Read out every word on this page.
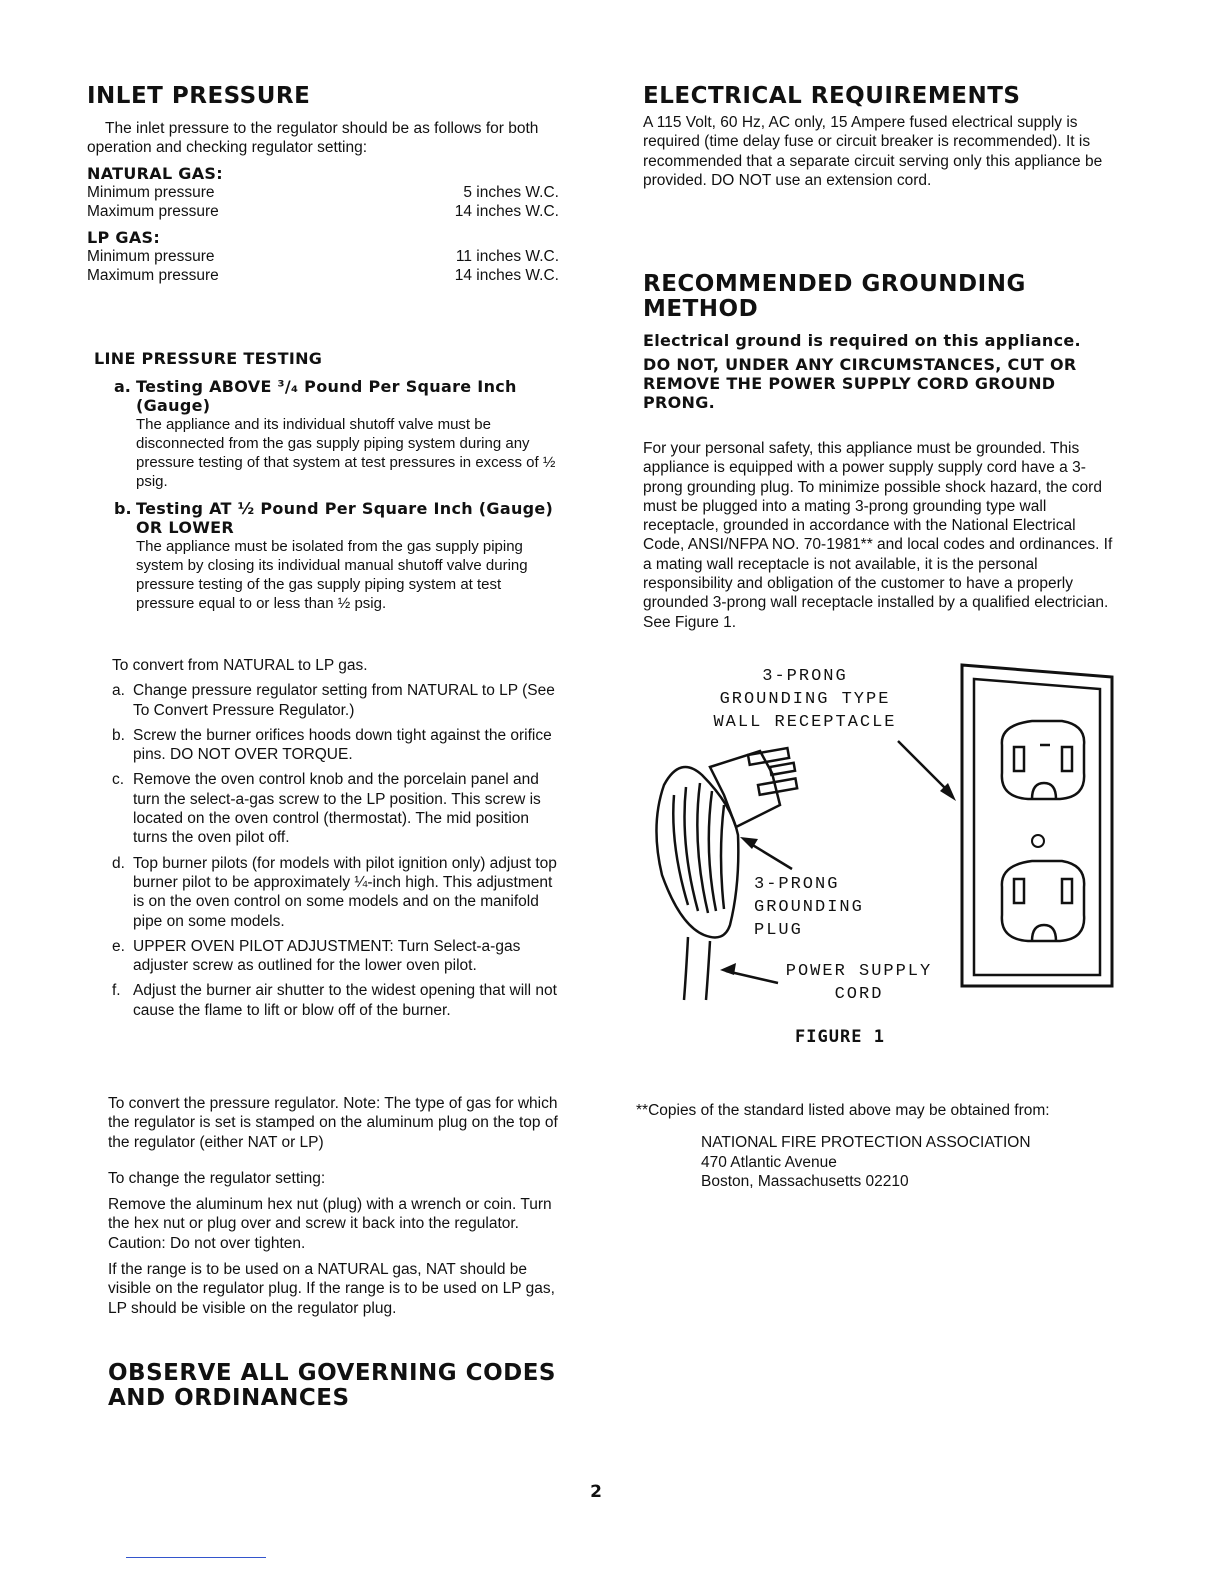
INLET PRESSURE

The inlet pressure to the regulator should be as follows for both operation and checking regulator setting:

NATURAL GAS:
Minimum pressure	5 inches W.C.
Maximum pressure	14 inches W.C.
LP GAS:
Minimum pressure	11 inches W.C.
Maximum pressure	14 inches W.C.
LINE PRESSURE TESTING
a. Testing ABOVE ³/₄ Pound Per Square Inch (Gauge)
The appliance and its individual shutoff valve must be disconnected from the gas supply piping system during any pressure testing of that system at test pressures in excess of ½ psig.
b. Testing AT ½ Pound Per Square Inch (Gauge) OR LOWER
The appliance must be isolated from the gas supply piping system by closing its individual manual shutoff valve during pressure testing of the gas supply piping system at test pressure equal to or less than ½ psig.

To convert from NATURAL to LP gas.

a. Change pressure regulator setting from NATURAL to LP (See To Convert Pressure Regulator.)
b. Screw the burner orifices hoods down tight against the orifice pins. DO NOT OVER TORQUE.
c. Remove the oven control knob and the porcelain panel and turn the select-a-gas screw to the LP position. This screw is located on the oven control (thermostat). The mid position turns the oven pilot off.
d. Top burner pilots (for models with pilot ignition only) adjust top burner pilot to be approximately ¼-inch high. This adjustment is on the oven control on some models and on the manifold pipe on some models.
e. UPPER OVEN PILOT ADJUSTMENT: Turn Select-a-gas adjuster screw as outlined for the lower oven pilot.
f. Adjust the burner air shutter to the widest opening that will not cause the flame to lift or blow off of the burner.

To convert the pressure regulator. Note: The type of gas for which the regulator is set is stamped on the aluminum plug on the top of the regulator (either NAT or LP)

To change the regulator setting:

Remove the aluminum hex nut (plug) with a wrench or coin. Turn the hex nut or plug over and screw it back into the regulator. Caution: Do not over tighten.

If the range is to be used on a NATURAL gas, NAT should be visible on the regulator plug. If the range is to be used on LP gas, LP should be visible on the regulator plug.

OBSERVE ALL GOVERNING CODES
AND ORDINANCES
ELECTRICAL REQUIREMENTS

A 115 Volt, 60 Hz, AC only, 15 Ampere fused electrical supply is required (time delay fuse or circuit breaker is recommended). It is recommended that a separate circuit serving only this appliance be provided. DO NOT use an extension cord.

RECOMMENDED GROUNDING
METHOD
Electrical ground is required on this appliance.
DO NOT, UNDER ANY CIRCUMSTANCES, CUT OR REMOVE THE POWER SUPPLY CORD GROUND PRONG.

For your personal safety, this appliance must be grounded. This appliance is equipped with a power supply supply cord have a 3-prong grounding plug. To minimize possible shock hazard, the cord must be plugged into a mating 3-prong grounding type wall receptacle, grounded in accordance with the National Electrical Code, ANSI/NFPA NO. 70-1981** and local codes and ordinances. If a mating wall receptacle is not available, it is the personal responsibility and obligation of the customer to have a properly grounded 3-prong wall receptacle installed by a qualified electrician. See Figure 1.

3-PRONG
GROUNDING TYPE
WALL RECEPTACLE
3-PRONG
GROUNDING
PLUG
POWER SUPPLY
CORD
FIGURE 1

**Copies of the standard listed above may be obtained from:

NATIONAL FIRE PROTECTION ASSOCIATION
470 Atlantic Avenue
Boston, Massachusetts 02210
2
